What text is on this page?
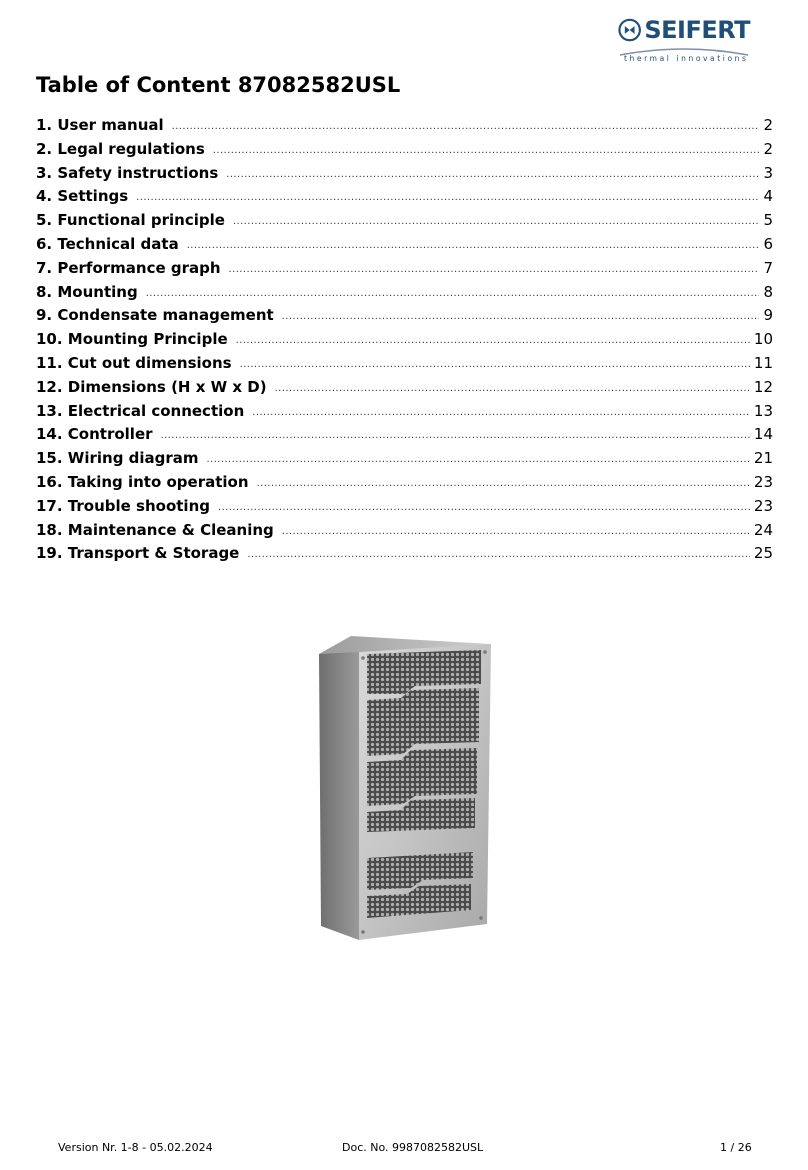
SEIFERT
thermal innovations
Table of Content 87082582USL
1. User manual .....	2
2. Legal regulations .....	2
3. Safety instructions .....	3
4. Settings .....	4
5. Functional principle .....	5
6. Technical data .....	6
7. Performance graph .....	7
8. Mounting .....	8
9. Condensate management .....	9
10. Mounting Principle .....	10
11. Cut out dimensions .....	11
12. Dimensions (H x W x D) .....	12
13. Electrical connection .....	13
14. Controller .....	14
15. Wiring diagram .....	21
16. Taking into operation .....	23
17. Trouble shooting .....	23
18. Maintenance & Cleaning .....	24
19. Transport & Storage .....	25
Version Nr. 1-8 - 05.02.2024	Doc. No. 9987082582USL	1 / 26
